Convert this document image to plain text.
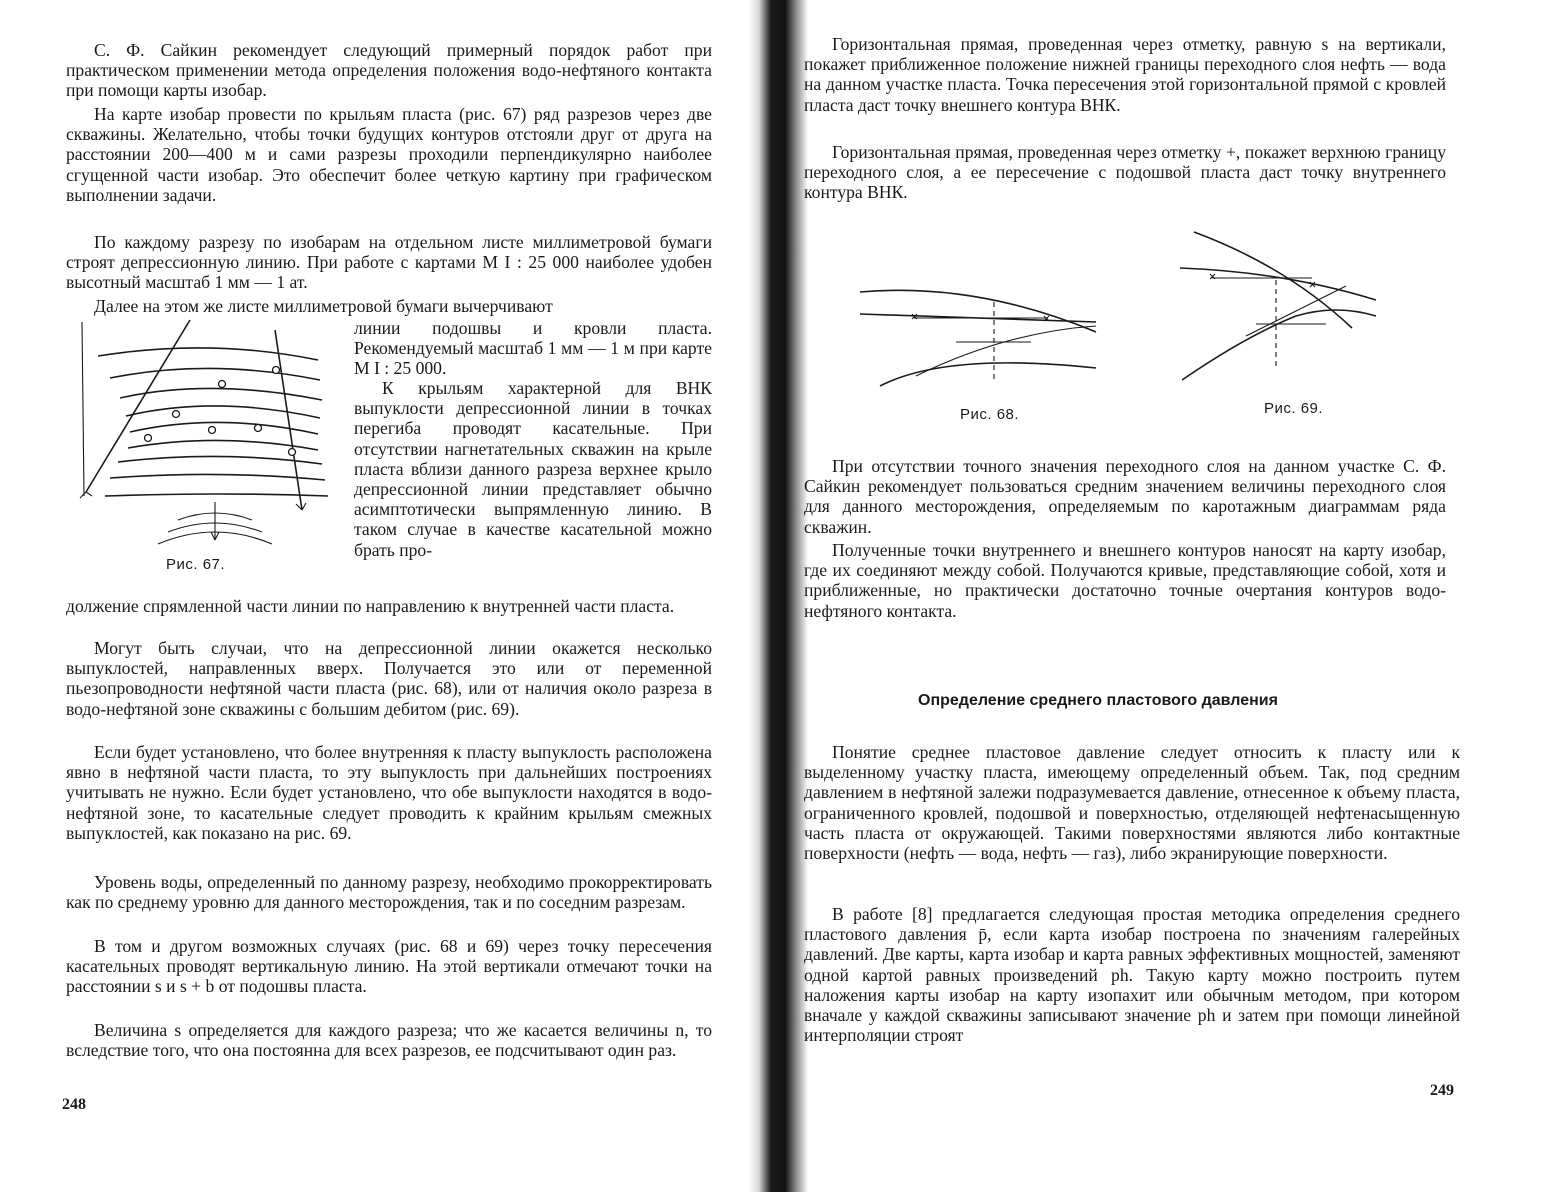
С. Ф. Сайкин рекомендует следующий примерный порядок работ при практическом применении метода определения положения водо-нефтяного контакта при помощи карты изобар.

На карте изобар провести по крыльям пласта (рис. 67) ряд разрезов через две скважины. Желательно, чтобы точки будущих контуров отстояли друг от друга на расстоянии 200—400 м и сами разрезы проходили перпендикулярно наиболее сгущенной части изобар. Это обеспечит более четкую картину при графическом выполнении задачи.

По каждому разрезу по изобарам на отдельном листе миллиметровой бумаги строят депрессионную линию. При работе с картами М I : 25 000 наиболее удобен высотный масштаб 1 мм — 1 ат.

Далее на этом же листе миллиметровой бумаги вычерчивают

Рис. 67.

линии подошвы и кровли пласта. Рекомендуемый масштаб 1 мм — 1 м при карте М I : 25 000.

К крыльям характерной для ВНК выпуклости депрессионной линии в точках перегиба проводят касательные. При отсутствии нагнетательных скважин на крыле пласта вблизи данного разреза верхнее крыло депрессионной линии представляет обычно асимптотически выпрямленную линию. В таком случае в качестве касательной можно брать про-

должение спрямленной части линии по направлению к внутренней части пласта.

Могут быть случаи, что на депрессионной линии окажется несколько выпуклостей, направленных вверх. Получается это или от переменной пьезопроводности нефтяной части пласта (рис. 68), или от наличия около разреза в водо-нефтяной зоне скважины с большим дебитом (рис. 69).

Если будет установлено, что более внутренняя к пласту выпуклость расположена явно в нефтяной части пласта, то эту выпуклость при дальнейших построениях учитывать не нужно. Если будет установлено, что обе выпуклости находятся в водо-нефтяной зоне, то касательные следует проводить к крайним крыльям смежных выпуклостей, как показано на рис. 69.

Уровень воды, определенный по данному разрезу, необходимо прокорректировать как по среднему уровню для данного месторождения, так и по соседним разрезам.

В том и другом возможных случаях (рис. 68 и 69) через точку пересечения касательных проводят вертикальную линию. На этой вертикали отмечают точки на расстоянии s и s + b от подошвы пласта.

Величина s определяется для каждого разреза; что же касается величины n, то вследствие того, что она постоянна для всех разрезов, ее подсчитывают один раз.

248

Горизонтальная прямая, проведенная через отметку, равную s на вертикали, покажет приближенное положение нижней границы переходного слоя нефть — вода на данном участке пласта. Точка пересечения этой горизонтальной прямой с кровлей пласта даст точку внешнего контура ВНК.

Горизонтальная прямая, проведенная через отметку +, покажет верхнюю границу переходного слоя, а ее пересечение с подошвой пласта даст точку внутреннего контура ВНК.

Рис. 68.	Рис. 69.

При отсутствии точного значения переходного слоя на данном участке С. Ф. Сайкин рекомендует пользоваться средним значением величины переходного слоя для данного месторождения, определяемым по каротажным диаграммам ряда скважин.

Полученные точки внутреннего и внешнего контуров наносят на карту изобар, где их соединяют между собой. Получаются кривые, представляющие собой, хотя и приближенные, но практически достаточно точные очертания контуров водо-нефтяного контакта.

Определение среднего пластового давления

Понятие среднее пластовое давление следует относить к пласту или к выделенному участку пласта, имеющему определенный объем. Так, под средним давлением в нефтяной залежи подразумевается давление, отнесенное к объему пласта, ограниченного кровлей, подошвой и поверхностью, отделяющей нефтенасыщенную часть пласта от окружающей. Такими поверхностями являются либо контактные поверхности (нефть — вода, нефть — газ), либо экранирующие поверхности.

В работе [8] предлагается следующая простая методика определения среднего пластового давления p̄, если карта изобар построена по значениям галерейных давлений. Две карты, карта изобар и карта равных эффективных мощностей, заменяют одной картой равных произведений ph. Такую карту можно построить путем наложения карты изобар на карту изопахит или обычным методом, при котором вначале у каждой скважины записывают значение ph и затем при помощи линейной интерполяции строят

249
